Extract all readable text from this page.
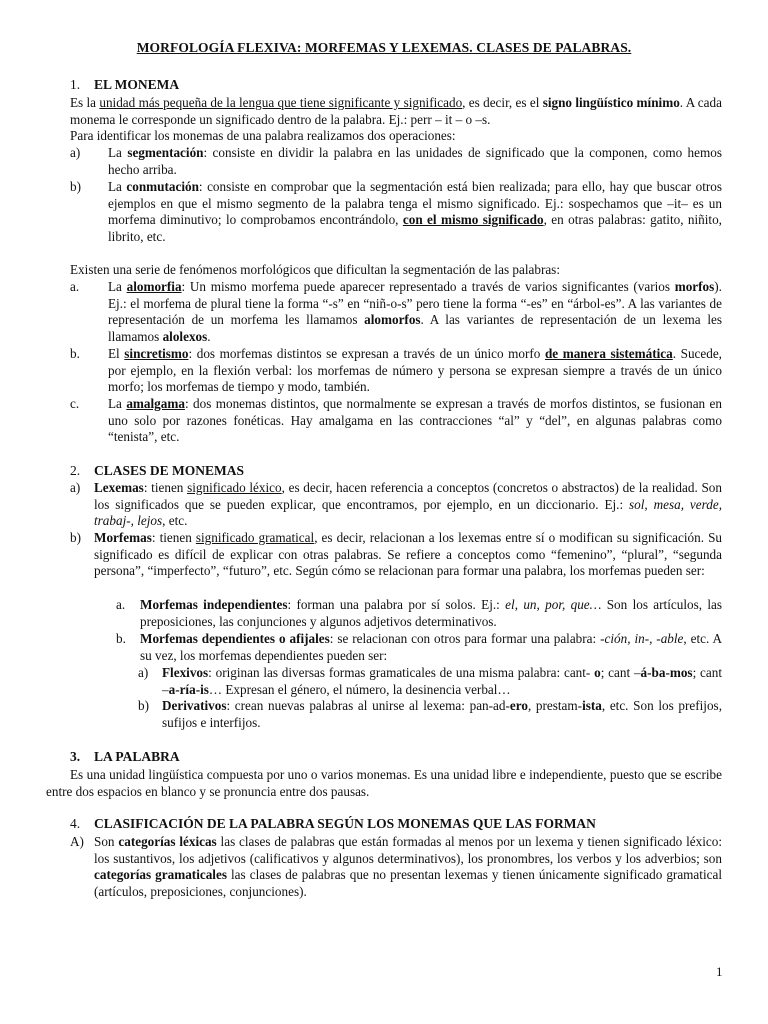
MORFOLOGÍA FLEXIVA: MORFEMAS Y LEXEMAS. CLASES DE PALABRAS.
1. EL MONEMA
Es la unidad más pequeña de la lengua que tiene significante y significado, es decir, es el signo lingüístico mínimo. A cada monema le corresponde un significado dentro de la palabra. Ej.: perr – it – o –s.
Para identificar los monemas de una palabra realizamos dos operaciones:
a) La segmentación: consiste en dividir la palabra en las unidades de significado que la componen, como hemos hecho arriba.
b) La conmutación: consiste en comprobar que la segmentación está bien realizada; para ello, hay que buscar otros ejemplos en que el mismo segmento de la palabra tenga el mismo significado. Ej.: sospechamos que –it– es un morfema diminutivo; lo comprobamos encontrándolo, con el mismo significado, en otras palabras: gatito, niñito, librito, etc.
Existen una serie de fenómenos morfológicos que dificultan la segmentación de las palabras:
a. La alomorfia: Un mismo morfema puede aparecer representado a través de varios significantes (varios morfos). Ej.: el morfema de plural tiene la forma “-s” en “niñ-o-s” pero tiene la forma “-es” en “árbol-es”. A las variantes de representación de un morfema les llamamos alomorfos. A las variantes de representación de un lexema les llamamos alolexos.
b. El sincretismo: dos morfemas distintos se expresan a través de un único morfo de manera sistemática. Sucede, por ejemplo, en la flexión verbal: los morfemas de número y persona se expresan siempre a través de un único morfo; los morfemas de tiempo y modo, también.
c. La amalgama: dos monemas distintos, que normalmente se expresan a través de morfos distintos, se fusionan en uno solo por razones fonéticas. Hay amalgama en las contracciones “al” y “del”, en algunas palabras como “tenista”, etc.
2. CLASES DE MONEMAS
a) Lexemas: tienen significado léxico, es decir, hacen referencia a conceptos (concretos o abstractos) de la realidad. Son los significados que se pueden explicar, que encontramos, por ejemplo, en un diccionario. Ej.: sol, mesa, verde, trabaj-, lejos, etc.
b) Morfemas: tienen significado gramatical, es decir, relacionan a los lexemas entre sí o modifican su significación. Su significado es difícil de explicar con otras palabras. Se refiere a conceptos como “femenino”, “plural”, “segunda persona”, “imperfecto”, “futuro”, etc. Según cómo se relacionan para formar una palabra, los morfemas pueden ser:
a. Morfemas independientes: forman una palabra por sí solos. Ej.: el, un, por, que… Son los artículos, las preposiciones, las conjunciones y algunos adjetivos determinativos.
b. Morfemas dependientes o afijales: se relacionan con otros para formar una palabra: -ción, in-, -able, etc. A su vez, los morfemas dependientes pueden ser:
a) Flexivos: originan las diversas formas gramaticales de una misma palabra: cant- o; cant –á-ba-mos; cant –a-ría-is… Expresan el género, el número, la desinencia verbal…
b) Derivativos: crean nuevas palabras al unirse al lexema: pan-ad-ero, prestam-ista, etc. Son los prefijos, sufijos e interfijos.
3. LA PALABRA
Es una unidad lingüística compuesta por uno o varios monemas. Es una unidad libre e independiente, puesto que se escribe entre dos espacios en blanco y se pronuncia entre dos pausas.
4. CLASIFICACIÓN DE LA PALABRA SEGÚN LOS MONEMAS QUE LAS FORMAN
A) Son categorías léxicas las clases de palabras que están formadas al menos por un lexema y tienen significado léxico: los sustantivos, los adjetivos (calificativos y algunos determinativos), los pronombres, los verbos y los adverbios; son categorías gramaticales las clases de palabras que no presentan lexemas y tienen únicamente significado gramatical (artículos, preposiciones, conjunciones).
1
